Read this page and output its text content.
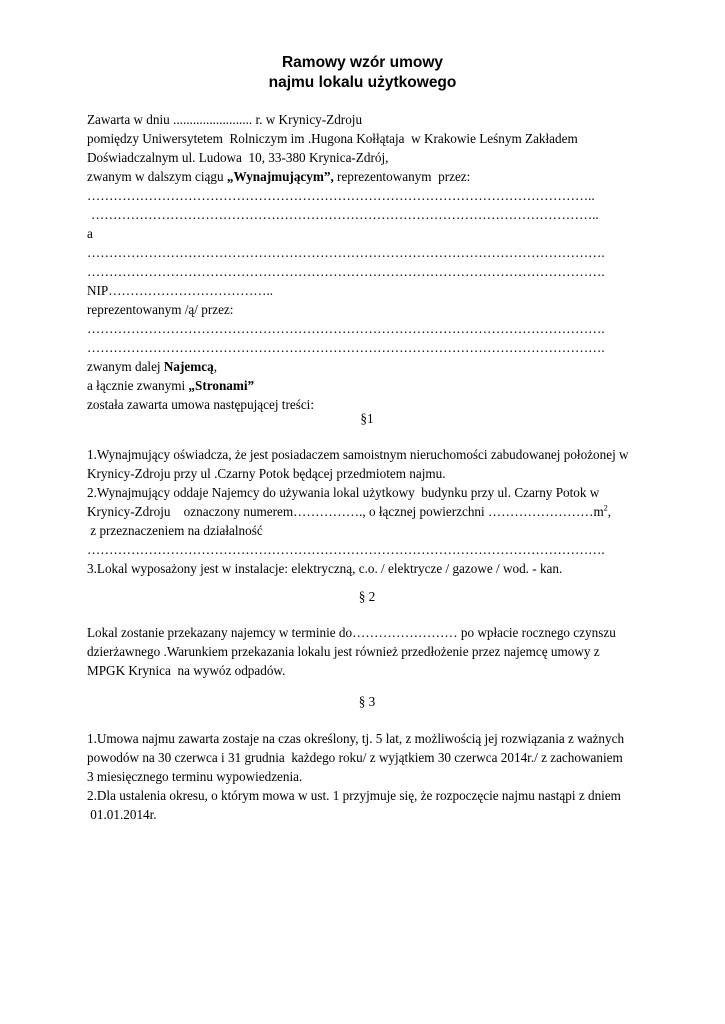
Ramowy wzór umowy
najmu lokalu użytkowego
Zawarta w dniu ........................ r. w Krynicy-Zdroju
pomiędzy Uniwersytetem  Rolniczym im .Hugona Kołłątaja  w Krakowie Leśnym Zakładem
Doświadczalnym ul. Ludowa  10, 33-380 Krynica-Zdrój,
zwanym w dalszym ciągu „Wynajmującym”, reprezentowanym  przez:
……………………………………………………………………………………………………..
……………………………………………………………………………………………………..
a
……………………………………………………………………………………………………….
……………………………………………………………………………………………………….
NIP………………………………..
reprezentowanym /ą/ przez:
……………………………………………………………………………………………………….
……………………………………………………………………………………………………….
zwanym dalej Najemcą,
a łącznie zwanymi „Stronami”
została zawarta umowa następującej treści:
§1
1.Wynajmujący oświadcza, że jest posiadaczem samoistnym nieruchomości zabudowanej położonej w
Krynicy-Zdroju przy ul .Czarny Potok będącej przedmiotem najmu.
2.Wynajmujący oddaje Najemcy do używania lokal użytkowy  budynku przy ul. Czarny Potok w
Krynicy-Zdroju    oznaczony numerem……………., o łącznej powierzchni $\dots\dots\dots\dots\dots\dots\dots\dots m^2$,
z przeznaczeniem na działalność
……………………………………………………………………………………………………….
3.Lokal wyposażony jest w instalacje: elektryczną, c.o. / elektrycze / gazowe / wod. - kan.
§ 2
Lokal zostanie przekazany najemcy w terminie do…………………… po wpłacie rocznego czynszu
dzierżawnego .Warunkiem przekazania lokalu jest również przedłożenie przez najemcę umowy z
MPGK Krynica  na wywóz odpadów.
§ 3
1.Umowa najmu zawarta zostaje na czas określony, tj. 5 lat, z możliwością jej rozwiązania z ważnych
powodów na 30 czerwca i 31 grudnia  każdego roku/ z wyjątkiem 30 czerwca 2014r./ z zachowaniem
3 miesięcznego terminu wypowiedzenia.
2.Dla ustalenia okresu, o którym mowa w ust. 1 przyjmuje się, że rozpoczęcie najmu nastąpi z dniem
01.01.2014r.
